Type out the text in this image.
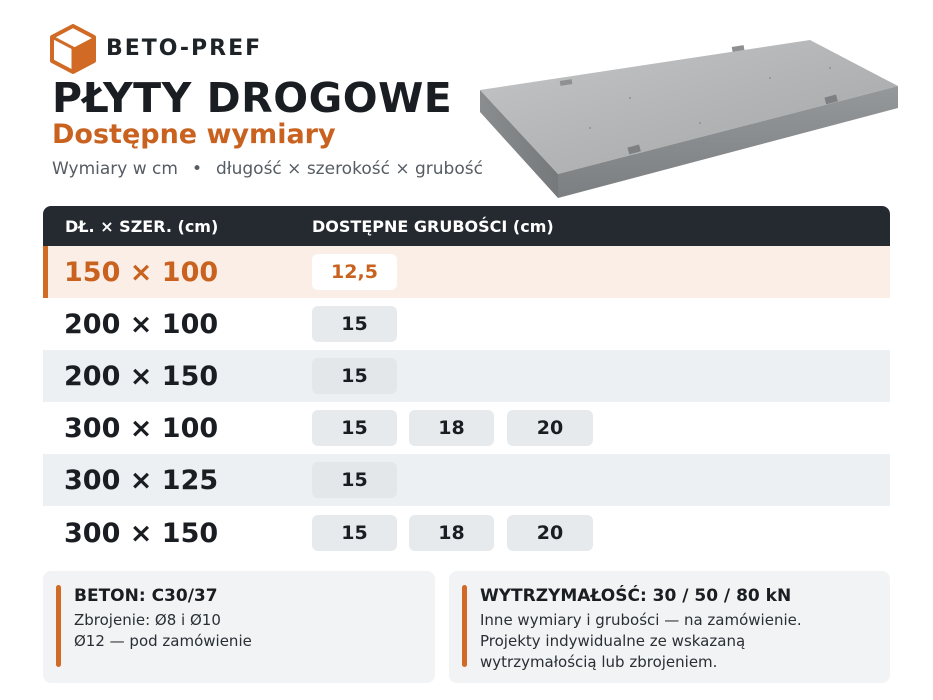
BETO-PREF
PŁYTY DROGOWE
Dostępne wymiary
Wymiary w cm • długość × szerokość × grubość
DŁ. × SZER. (cm)	DOSTĘPNE GRUBOŚCI (cm)
150 × 100	12,5
200 × 100	15
200 × 150	15
300 × 100	15	18	20
300 × 125	15
300 × 150	15	18	20
BETON: C30/37
Zbrojenie: Ø8 i Ø10
Ø12 — pod zamówienie
WYTRZYMAŁOŚĆ: 30 / 50 / 80 kN
Inne wymiary i grubości — na zamówienie.
Projekty indywidualne ze wskazaną
wytrzymałością lub zbrojeniem.
